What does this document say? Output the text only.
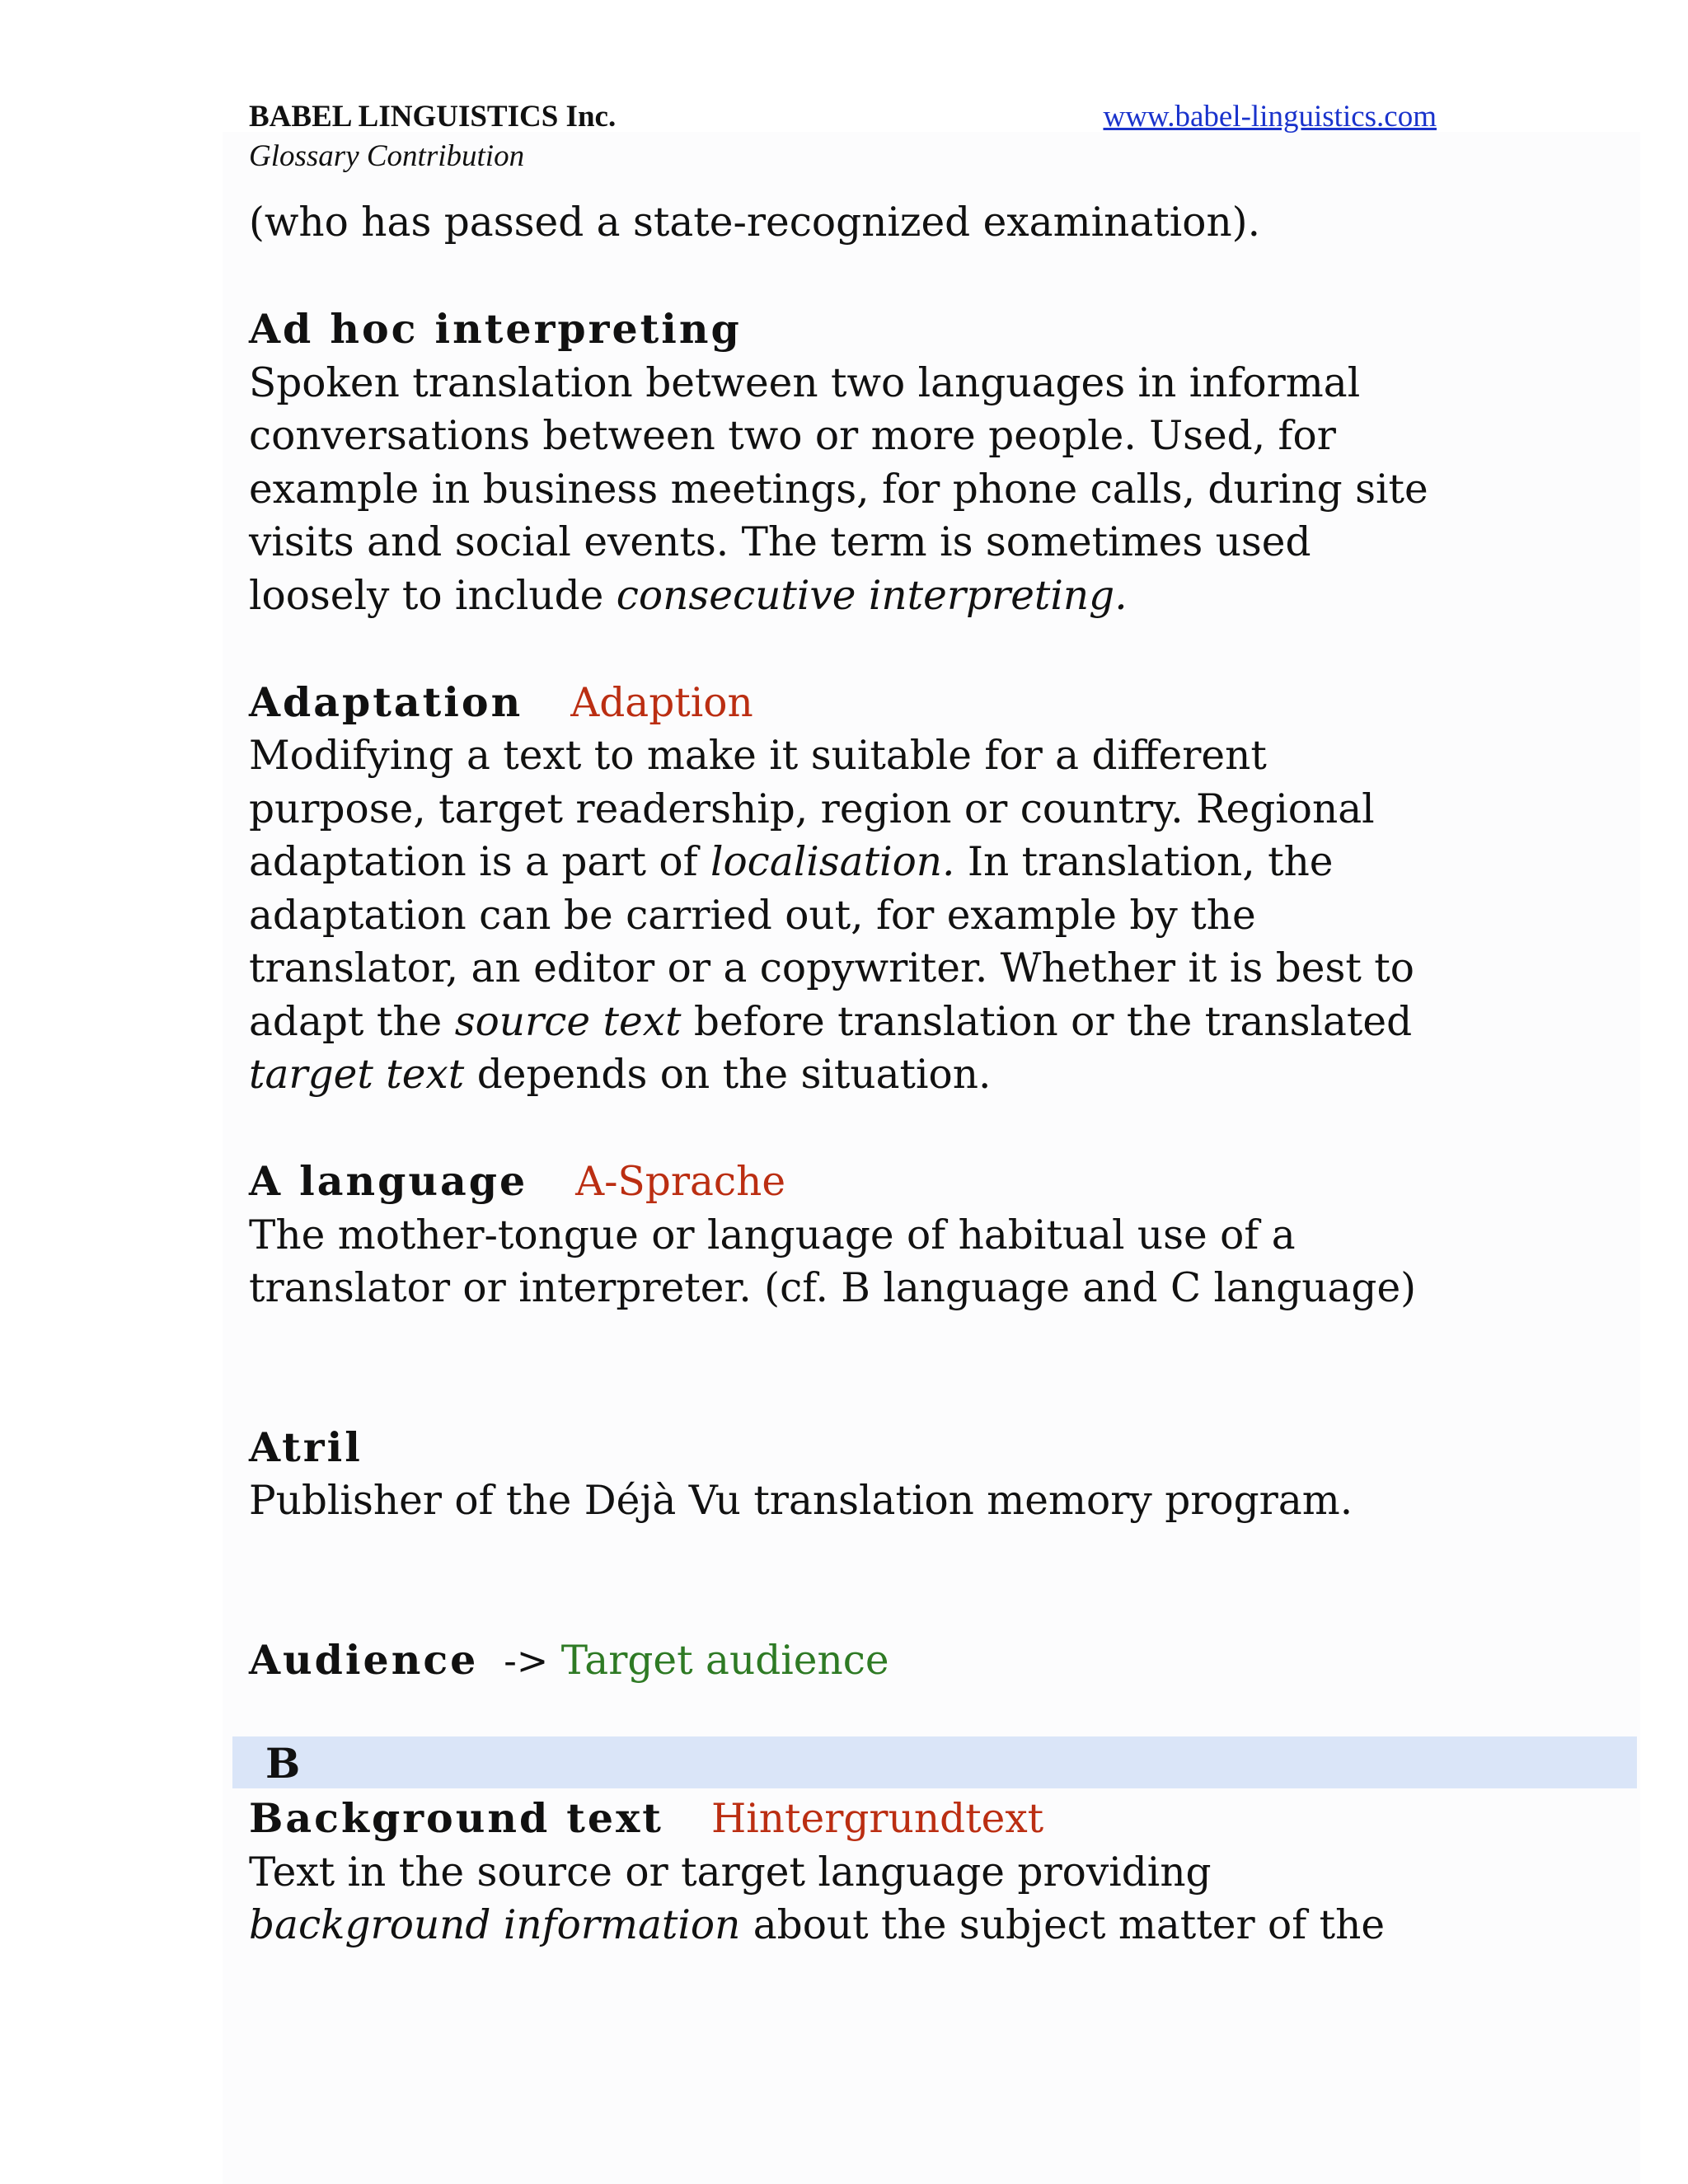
BABEL LINGUISTICS Inc.	www.babel-linguistics.com
Glossary Contribution
(who has passed a state-recognized examination).
Ad hoc interpreting
Spoken translation between two languages in informal
conversations between two or more people. Used, for
example in business meetings, for phone calls, during site
visits and social events. The term is sometimes used
loosely to include consecutive interpreting.
Adaptation Adaption
Modifying a text to make it suitable for a different
purpose, target readership, region or country. Regional
adaptation is a part of localisation. In translation, the
adaptation can be carried out, for example by the
translator, an editor or a copywriter. Whether it is best to
adapt the source text before translation or the translated
target text depends on the situation.
A language A-Sprache
The mother-tongue or language of habitual use of a
translator or interpreter. (cf. B language and C language)
Atril
Publisher of the Déjà Vu translation memory program.
Audience -> Target audience
B
Background text Hintergrundtext
Text in the source or target language providing
background information about the subject matter of the
